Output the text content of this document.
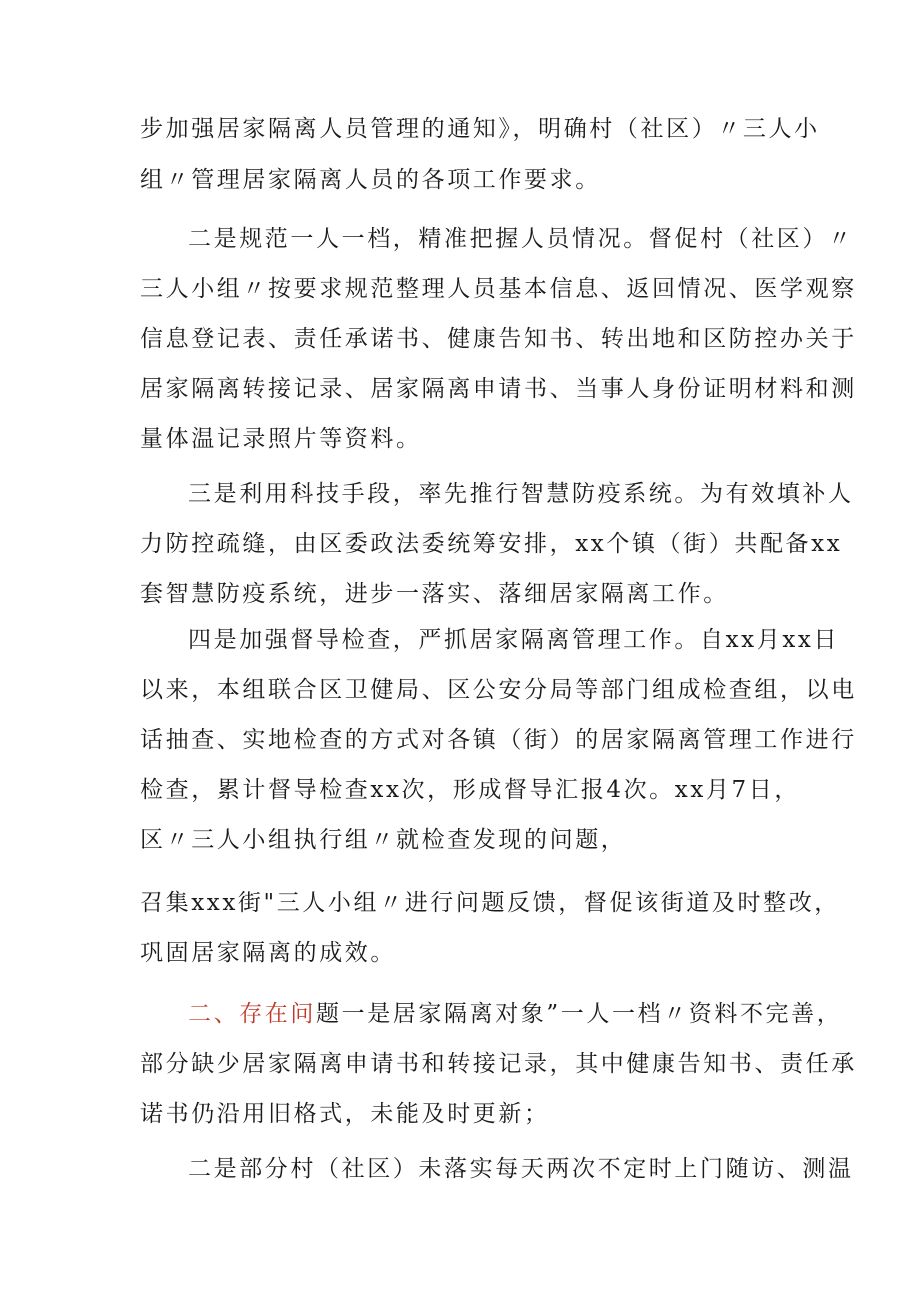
步加强居家隔离人员管理的通知》，明确村（社区）〃三人小
组〃管理居家隔离人员的各项工作要求。
二是规范一人一档，精准把握人员情况。督促村（社区）〃
三人小组〃按要求规范整理人员基本信息、返回情况、医学观察
信息登记表、责任承诺书、健康告知书、转出地和区防控办关于
居家隔离转接记录、居家隔离申请书、当事人身份证明材料和测
量体温记录照片等资料。
三是利用科技手段，率先推行智慧防疫系统。为有效填补人
力防控疏缝，由区委政法委统筹安排，xx个镇（街）共配备xx
套智慧防疫系统，进步一落实、落细居家隔离工作。
四是加强督导检查，严抓居家隔离管理工作。自xx月xx日
以来，本组联合区卫健局、区公安分局等部门组成检查组，以电
话抽查、实地检查的方式对各镇（街）的居家隔离管理工作进行
检查，累计督导检查xx次，形成督导汇报4次。xx月7日，
区〃三人小组执行组〃就检查发现的问题，
召集xxx街"三人小组〃进行问题反馈，督促该街道及时整改，
巩固居家隔离的成效。
二、存在问题一是居家隔离对象”一人一档〃资料不完善，
部分缺少居家隔离申请书和转接记录，其中健康告知书、责任承
诺书仍沿用旧格式，未能及时更新；
二是部分村（社区）未落实每天两次不定时上门随访、测温
